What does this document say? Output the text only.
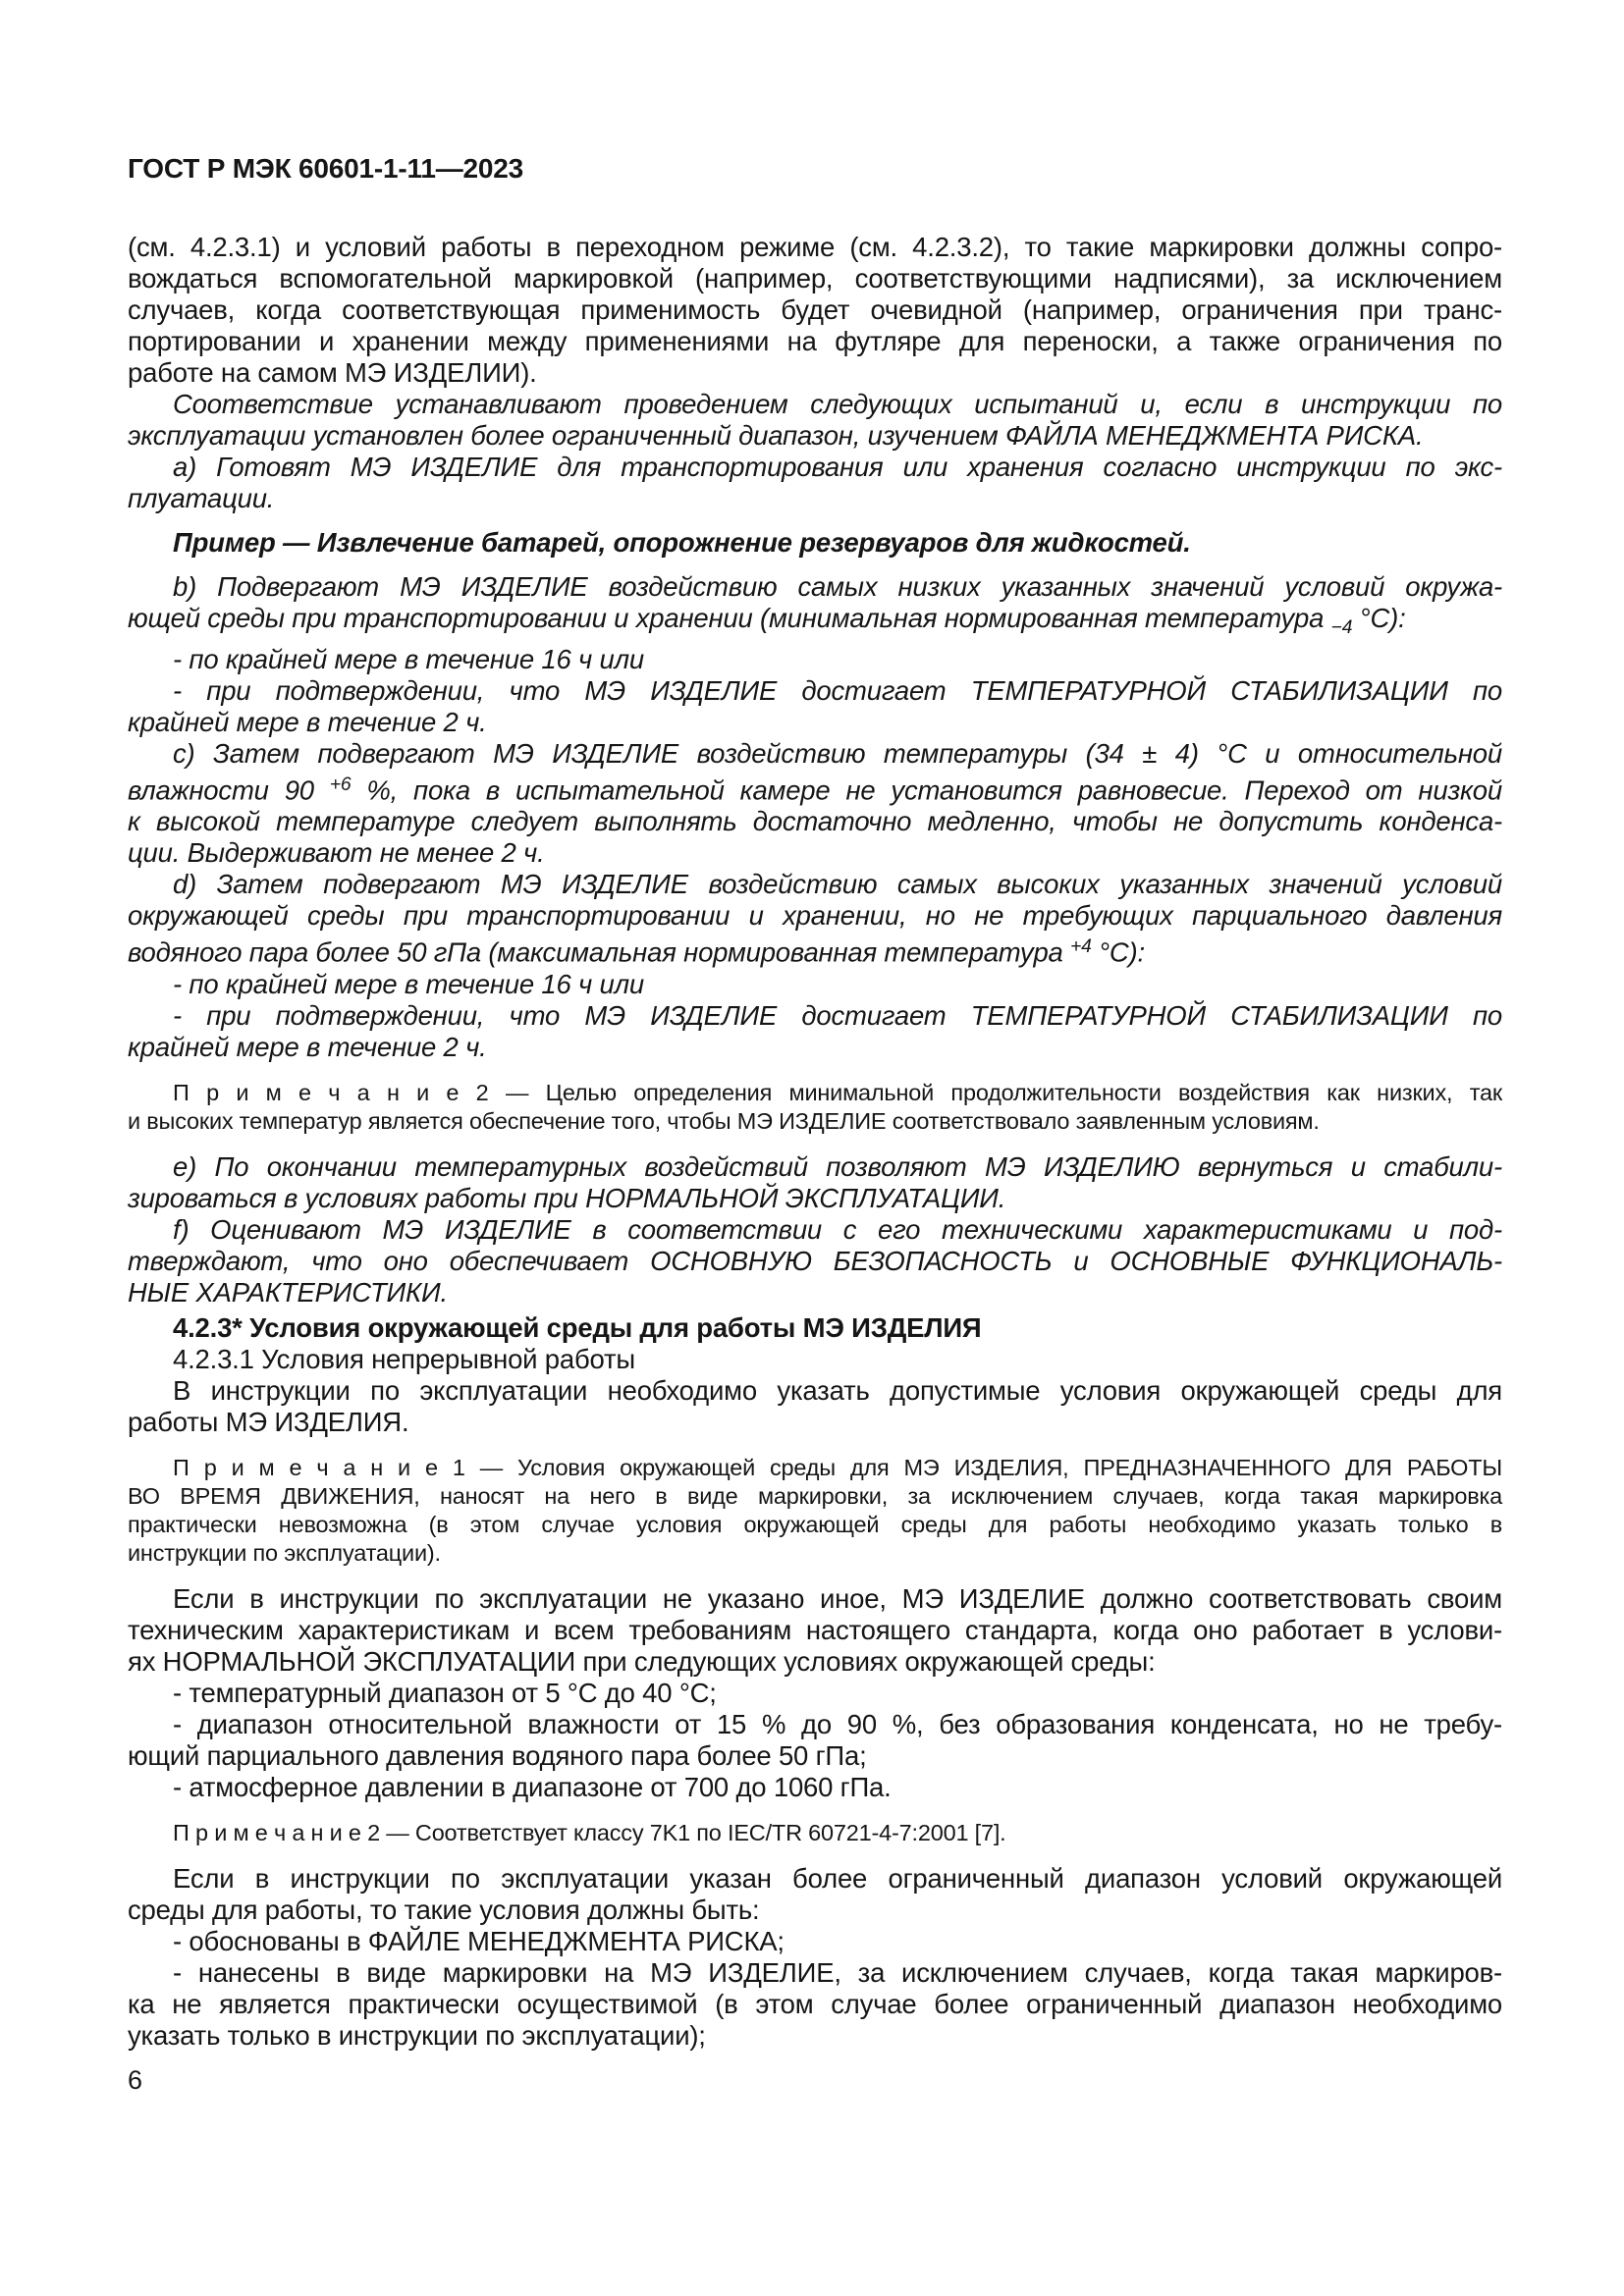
ГОСТ Р МЭК 60601-1-11—2023
(см. 4.2.3.1) и условий работы в переходном режиме (см. 4.2.3.2), то такие маркировки должны сопро-
вождаться вспомогательной маркировкой (например, соответствующими надписями), за исключением
случаев, когда соответствующая применимость будет очевидной (например, ограничения при транс-
портировании и хранении между применениями на футляре для переноски, а также ограничения по
работе на самом МЭ ИЗДЕЛИИ).
Соответствие устанавливают проведением следующих испытаний и, если в инструкции по
эксплуатации установлен более ограниченный диапазон, изучением ФАЙЛА МЕНЕДЖМЕНТА РИСКА.
a) Готовят МЭ ИЗДЕЛИЕ для транспортирования или хранения согласно инструкции по экс-
плуатации.
Пример — Извлечение батарей, опорожнение резервуаров для жидкостей.
b) Подвергают МЭ ИЗДЕЛИЕ воздействию самых низких указанных значений условий окружа-
ющей среды при транспортировании и хранении (минимальная нормированная температура $_{-4}$ °С):
- по крайней мере в течение 16 ч или
- при подтверждении, что МЭ ИЗДЕЛИЕ достигает ТЕМПЕРАТУРНОЙ СТАБИЛИЗАЦИИ по
крайней мере в течение 2 ч.
c) Затем подвергают МЭ ИЗДЕЛИЕ воздействию температуры (34 ± 4) °С и относительной
влажности 90 $^{+6}$ %, пока в испытательной камере не установится равновесие. Переход от низкой
к высокой температуре следует выполнять достаточно медленно, чтобы не допустить конденса-
ции. Выдерживают не менее 2 ч.
d) Затем подвергают МЭ ИЗДЕЛИЕ воздействию самых высоких указанных значений условий
окружающей среды при транспортировании и хранении, но не требующих парциального давления
водяного пара более 50 гПа (максимальная нормированная температура $^{+4}$ °С):
- по крайней мере в течение 16 ч или
- при подтверждении, что МЭ ИЗДЕЛИЕ достигает ТЕМПЕРАТУРНОЙ СТАБИЛИЗАЦИИ по
крайней мере в течение 2 ч.
П р и м е ч а н и е 2 — Целью определения минимальной продолжительности воздействия как низких, так
и высоких температур является обеспечение того, чтобы МЭ ИЗДЕЛИЕ соответствовало заявленным условиям.
e) По окончании температурных воздействий позволяют МЭ ИЗДЕЛИЮ вернуться и стабили-
зироваться в условиях работы при НОРМАЛЬНОЙ ЭКСПЛУАТАЦИИ.
f) Оценивают МЭ ИЗДЕЛИЕ в соответствии с его техническими характеристиками и под-
тверждают, что оно обеспечивает ОСНОВНУЮ БЕЗОПАСНОСТЬ и ОСНОВНЫЕ ФУНКЦИОНАЛЬ-
НЫЕ ХАРАКТЕРИСТИКИ.
4.2.3* Условия окружающей среды для работы МЭ ИЗДЕЛИЯ
4.2.3.1 Условия непрерывной работы
В инструкции по эксплуатации необходимо указать допустимые условия окружающей среды для
работы МЭ ИЗДЕЛИЯ.
П р и м е ч а н и е 1 — Условия окружающей среды для МЭ ИЗДЕЛИЯ, ПРЕДНАЗНАЧЕННОГО ДЛЯ РАБОТЫ
ВО ВРЕМЯ ДВИЖЕНИЯ, наносят на него в виде маркировки, за исключением случаев, когда такая маркировка
практически невозможна (в этом случае условия окружающей среды для работы необходимо указать только в
инструкции по эксплуатации).
Если в инструкции по эксплуатации не указано иное, МЭ ИЗДЕЛИЕ должно соответствовать своим
техническим характеристикам и всем требованиям настоящего стандарта, когда оно работает в услови-
ях НОРМАЛЬНОЙ ЭКСПЛУАТАЦИИ при следующих условиях окружающей среды:
- температурный диапазон от 5 °С до 40 °С;
- диапазон относительной влажности от 15 % до 90 %, без образования конденсата, но не требу-
ющий парциального давления водяного пара более 50 гПа;
- атмосферное давлении в диапазоне от 700 до 1060 гПа.
П р и м е ч а н и е 2 — Соответствует классу 7K1 по IEC/TR 60721-4-7:2001 [7].
Если в инструкции по эксплуатации указан более ограниченный диапазон условий окружающей
среды для работы, то такие условия должны быть:
- обоснованы в ФАЙЛЕ МЕНЕДЖМЕНТА РИСКА;
- нанесены в виде маркировки на МЭ ИЗДЕЛИЕ, за исключением случаев, когда такая маркиров-
ка не является практически осуществимой (в этом случае более ограниченный диапазон необходимо
указать только в инструкции по эксплуатации);
6
